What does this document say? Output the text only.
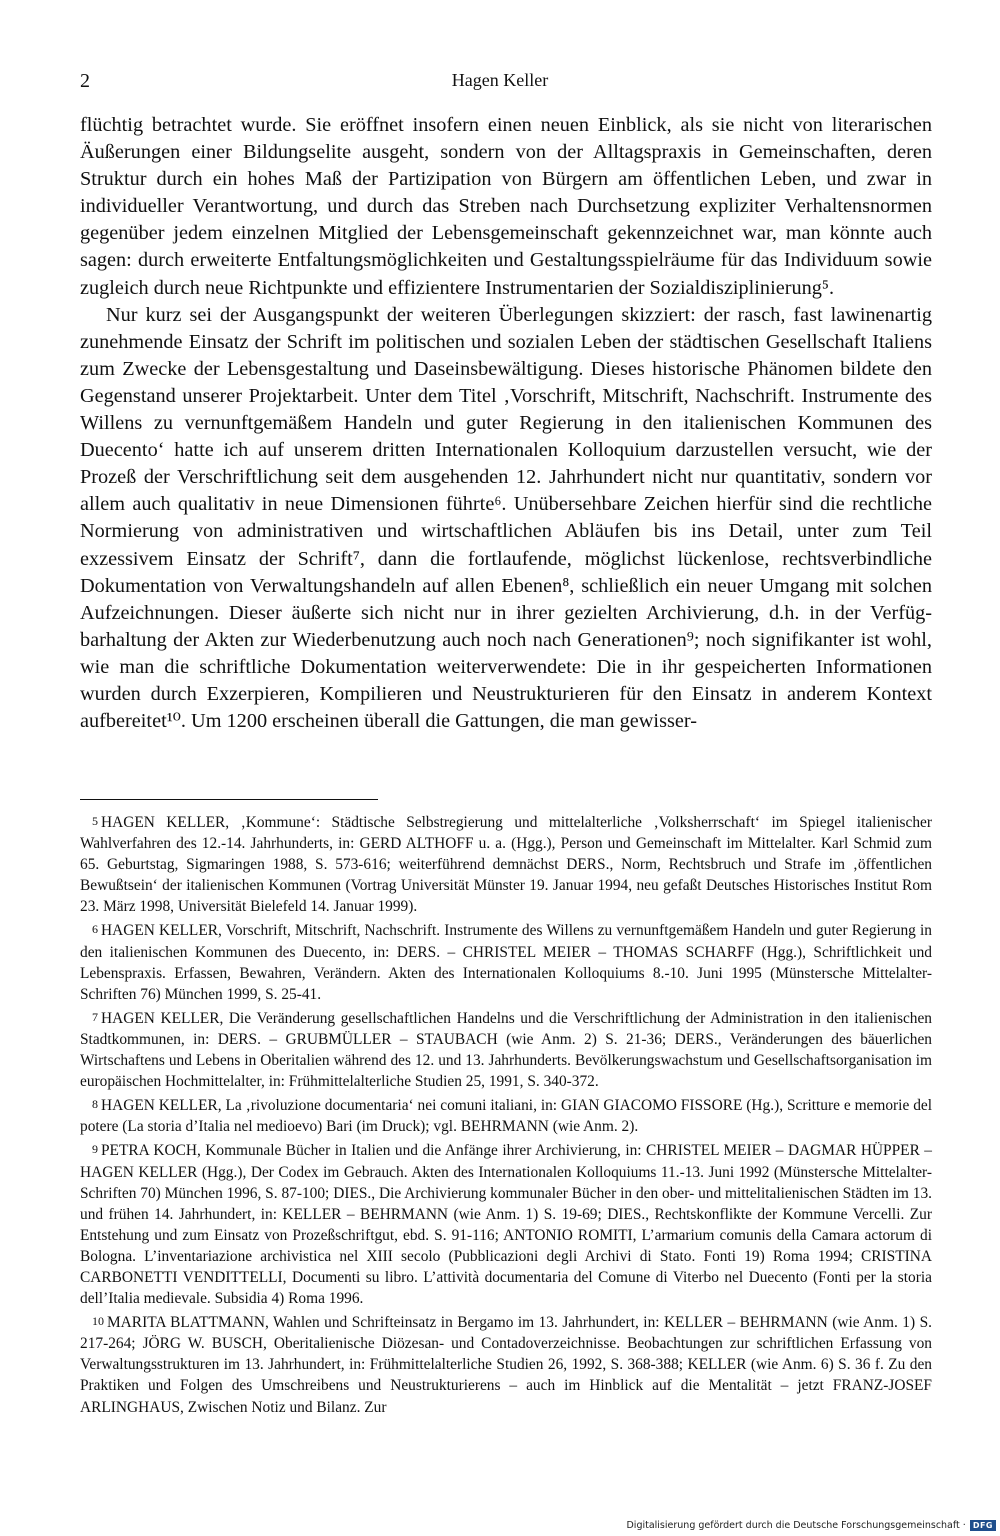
2	Hagen Keller

flüchtig betrachtet wurde. Sie eröffnet insofern einen neuen Einblick, als sie nicht von literarischen Äußerungen einer Bildungselite ausgeht, sondern von der Alltagspraxis in Gemeinschaften, deren Struktur durch ein hohes Maß der Partizipation von Bürgern am öffentlichen Leben, und zwar in individueller Verantwortung, und durch das Streben nach Durchsetzung expliziter Verhaltensnormen gegenüber jedem einzelnen Mitglied der Lebensgemeinschaft gekennzeichnet war, man könnte auch sagen: durch erweiterte Entfaltungsmöglichkeiten und Gestaltungsspielräume für das Individuum sowie zugleich durch neue Richtpunkte und effizientere Instrumentarien der Sozialdisziplinierung⁵.

Nur kurz sei der Ausgangspunkt der weiteren Überlegungen skizziert: der rasch, fast lawinenartig zunehmende Einsatz der Schrift im politischen und sozialen Leben der städtischen Gesellschaft Italiens zum Zwecke der Lebensgestaltung und Daseinsbewältigung. Dieses historische Phänomen bildete den Gegenstand unserer Projektarbeit. Unter dem Titel ‚Vorschrift, Mitschrift, Nachschrift. Instrumente des Willens zu vernunftgemäßem Handeln und guter Regierung in den italienischen Kommunen des Duecento‘ hatte ich auf unserem dritten Internationalen Kolloquium darzustellen versucht, wie der Prozeß der Verschriftlichung seit dem ausgehenden 12. Jahrhundert nicht nur quantitativ, sondern vor allem auch qualitativ in neue Dimensionen führte⁶. Unübersehbare Zeichen hierfür sind die rechtliche Normierung von administrativen und wirtschaftlichen Abläufen bis ins Detail, unter zum Teil exzessivem Einsatz der Schrift⁷, dann die fortlaufende, möglichst lückenlose, rechtsverbindliche Dokumentation von Verwaltungshandeln auf allen Ebenen⁸, schließlich ein neuer Umgang mit solchen Aufzeichnungen. Dieser äußerte sich nicht nur in ihrer gezielten Archivierung, d.h. in der Verfügbarhaltung der Akten zur Wiederbenutzung auch noch nach Generationen⁹; noch signifikanter ist wohl, wie man die schriftliche Dokumentation weiterverwendete: Die in ihr gespeicherten Informationen wurden durch Exzerpieren, Kompilieren und Neustrukturieren für den Einsatz in anderem Kontext aufbereitet¹⁰. Um 1200 erscheinen überall die Gattungen, die man gewisser-

5 HAGEN KELLER, ‚Kommune‘: Städtische Selbstregierung und mittelalterliche ‚Volksherrschaft‘ im Spiegel italienischer Wahlverfahren des 12.-14. Jahrhunderts, in: GERD ALTHOFF u. a. (Hgg.), Person und Gemeinschaft im Mittelalter. Karl Schmid zum 65. Geburtstag, Sigmaringen 1988, S. 573-616; weiterführend demnächst DERS., Norm, Rechtsbruch und Strafe im ‚öffentlichen Bewußtsein‘ der italienischen Kommunen (Vortrag Universität Münster 19. Januar 1994, neu gefaßt Deutsches Historisches Institut Rom 23. März 1998, Universität Bielefeld 14. Januar 1999).

6 HAGEN KELLER, Vorschrift, Mitschrift, Nachschrift. Instrumente des Willens zu vernunftgemäßem Handeln und guter Regierung in den italienischen Kommunen des Duecento, in: DERS. – CHRISTEL MEIER – THOMAS SCHARFF (Hgg.), Schriftlichkeit und Lebenspraxis. Erfassen, Bewahren, Verändern. Akten des Internationalen Kolloquiums 8.-10. Juni 1995 (Münstersche Mittelalter-Schriften 76) München 1999, S. 25-41.

7 HAGEN KELLER, Die Veränderung gesellschaftlichen Handelns und die Verschriftlichung der Administration in den italienischen Stadtkommunen, in: DERS. – GRUBMÜLLER – STAUBACH (wie Anm. 2) S. 21-36; DERS., Veränderungen des bäuerlichen Wirtschaftens und Lebens in Oberitalien während des 12. und 13. Jahrhunderts. Bevölkerungswachstum und Gesellschaftsorganisation im europäischen Hochmittelalter, in: Frühmittelalterliche Studien 25, 1991, S. 340-372.

8 HAGEN KELLER, La ‚rivoluzione documentaria‘ nei comuni italiani, in: GIAN GIACOMO FISSORE (Hg.), Scritture e memorie del potere (La storia d’Italia nel medioevo) Bari (im Druck); vgl. BEHRMANN (wie Anm. 2).

9 PETRA KOCH, Kommunale Bücher in Italien und die Anfänge ihrer Archivierung, in: CHRISTEL MEIER – DAGMAR HÜPPER – HAGEN KELLER (Hgg.), Der Codex im Gebrauch. Akten des Internationalen Kolloquiums 11.-13. Juni 1992 (Münstersche Mittelalter-Schriften 70) München 1996, S. 87-100; DIES., Die Archivierung kommunaler Bücher in den ober- und mittelitalienischen Städten im 13. und frühen 14. Jahrhundert, in: KELLER – BEHRMANN (wie Anm. 1) S. 19-69; DIES., Rechtskonflikte der Kommune Vercelli. Zur Entstehung und zum Einsatz von Prozeßschriftgut, ebd. S. 91-116; ANTONIO ROMITI, L’armarium comunis della Camara actorum di Bologna. L’inventariazione archivistica nel XIII secolo (Pubblicazioni degli Archivi di Stato. Fonti 19) Roma 1994; CRISTINA CARBONETTI VENDITTELLI, Documenti su libro. L’attività documentaria del Comune di Viterbo nel Duecento (Fonti per la storia dell’Italia medievale. Subsidia 4) Roma 1996.

10 MARITA BLATTMANN, Wahlen und Schrifteinsatz in Bergamo im 13. Jahrhundert, in: KELLER – BEHRMANN (wie Anm. 1) S. 217-264; JÖRG W. BUSCH, Oberitalienische Diözesan- und Contadoverzeichnisse. Beobachtungen zur schriftlichen Erfassung von Verwaltungsstrukturen im 13. Jahrhundert, in: Frühmittelalterliche Studien 26, 1992, S. 368-388; KELLER (wie Anm. 6) S. 36 f. Zu den Praktiken und Folgen des Umschreibens und Neustrukturierens – auch im Hinblick auf die Mentalität – jetzt FRANZ-JOSEF ARLINGHAUS, Zwischen Notiz und Bilanz. Zur

Digitalisierung gefördert durch die Deutsche Forschungsgemeinschaft · DFG
